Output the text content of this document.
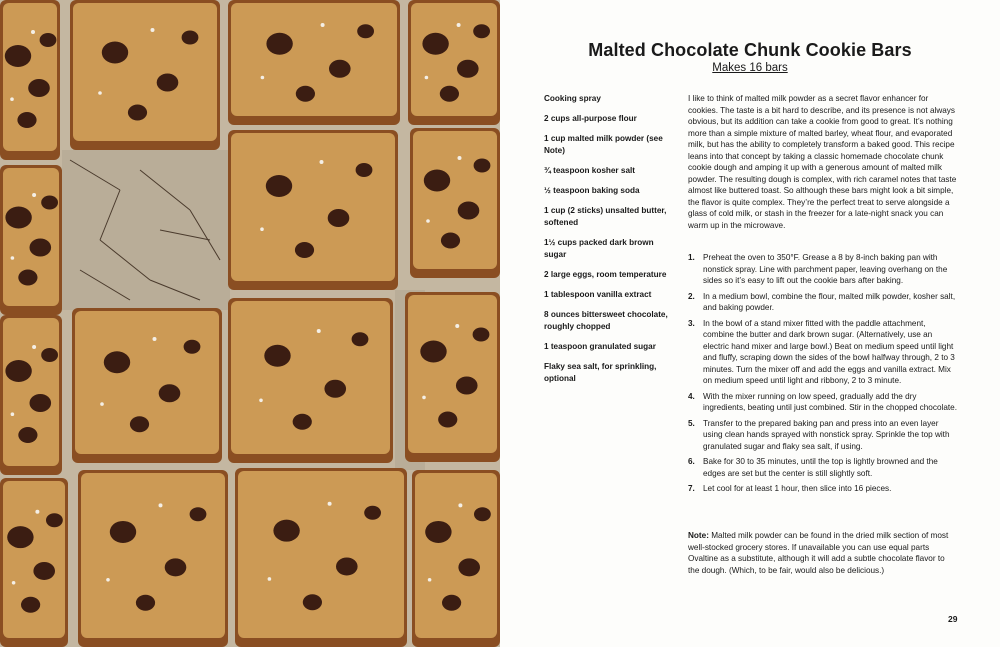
Malted Chocolate Chunk Cookie Bars

Makes 16 bars

Cooking spray
2 cups all-purpose flour
1 cup malted milk powder (see Note)
¾ teaspoon kosher salt
½ teaspoon baking soda
1 cup (2 sticks) unsalted butter, softened
1½ cups packed dark brown sugar
2 large eggs, room temperature
1 tablespoon vanilla extract
8 ounces bittersweet chocolate, roughly chopped
1 teaspoon granulated sugar
Flaky sea salt, for sprinkling, optional

I like to think of malted milk powder as a secret flavor enhancer for cookies. The taste is a bit hard to describe, and its presence is not always obvious, but its addition can take a cookie from good to great. It’s nothing more than a simple mixture of malted barley, wheat flour, and evaporated milk, but has the ability to completely transform a baked good. This recipe leans into that concept by taking a classic homemade chocolate chunk cookie dough and amping it up with a generous amount of malted milk powder. The resulting dough is complex, with rich caramel notes that taste almost like buttered toast. So although these bars might look a bit simple, the flavor is quite complex. They’re the perfect treat to serve alongside a glass of cold milk, or stash in the freezer for a late-night snack you can warm up in the microwave.

1. Preheat the oven to 350°F. Grease a 8 by 8-inch baking pan with nonstick spray. Line with parchment paper, leaving overhang on the sides so it’s easy to lift out the cookie bars after baking.
2. In a medium bowl, combine the flour, malted milk powder, kosher salt, and baking powder.
3. In the bowl of a stand mixer fitted with the paddle attachment, combine the butter and dark brown sugar. (Alternatively, use an electric hand mixer and large bowl.) Beat on medium speed until light and fluffy, scraping down the sides of the bowl halfway through, 2 to 3 minutes. Turn the mixer off and add the eggs and vanilla extract. Mix on medium speed until light and ribbony, 2 to 3 minute.
4. With the mixer running on low speed, gradually add the dry ingredients, beating until just combined. Stir in the chopped chocolate.
5. Transfer to the prepared baking pan and press into an even layer using clean hands sprayed with nonstick spray. Sprinkle the top with granulated sugar and flaky sea salt, if using.
6. Bake for 30 to 35 minutes, until the top is lightly browned and the edges are set but the center is still slightly soft.
7. Let cool for at least 1 hour, then slice into 16 pieces.

Note: Malted milk powder can be found in the dried milk section of most well-stocked grocery stores. If unavailable you can use equal parts Ovaltine as a substitute, although it will add a subtle chocolate flavor to the dough. (Which, to be fair, would also be delicious.)

29
